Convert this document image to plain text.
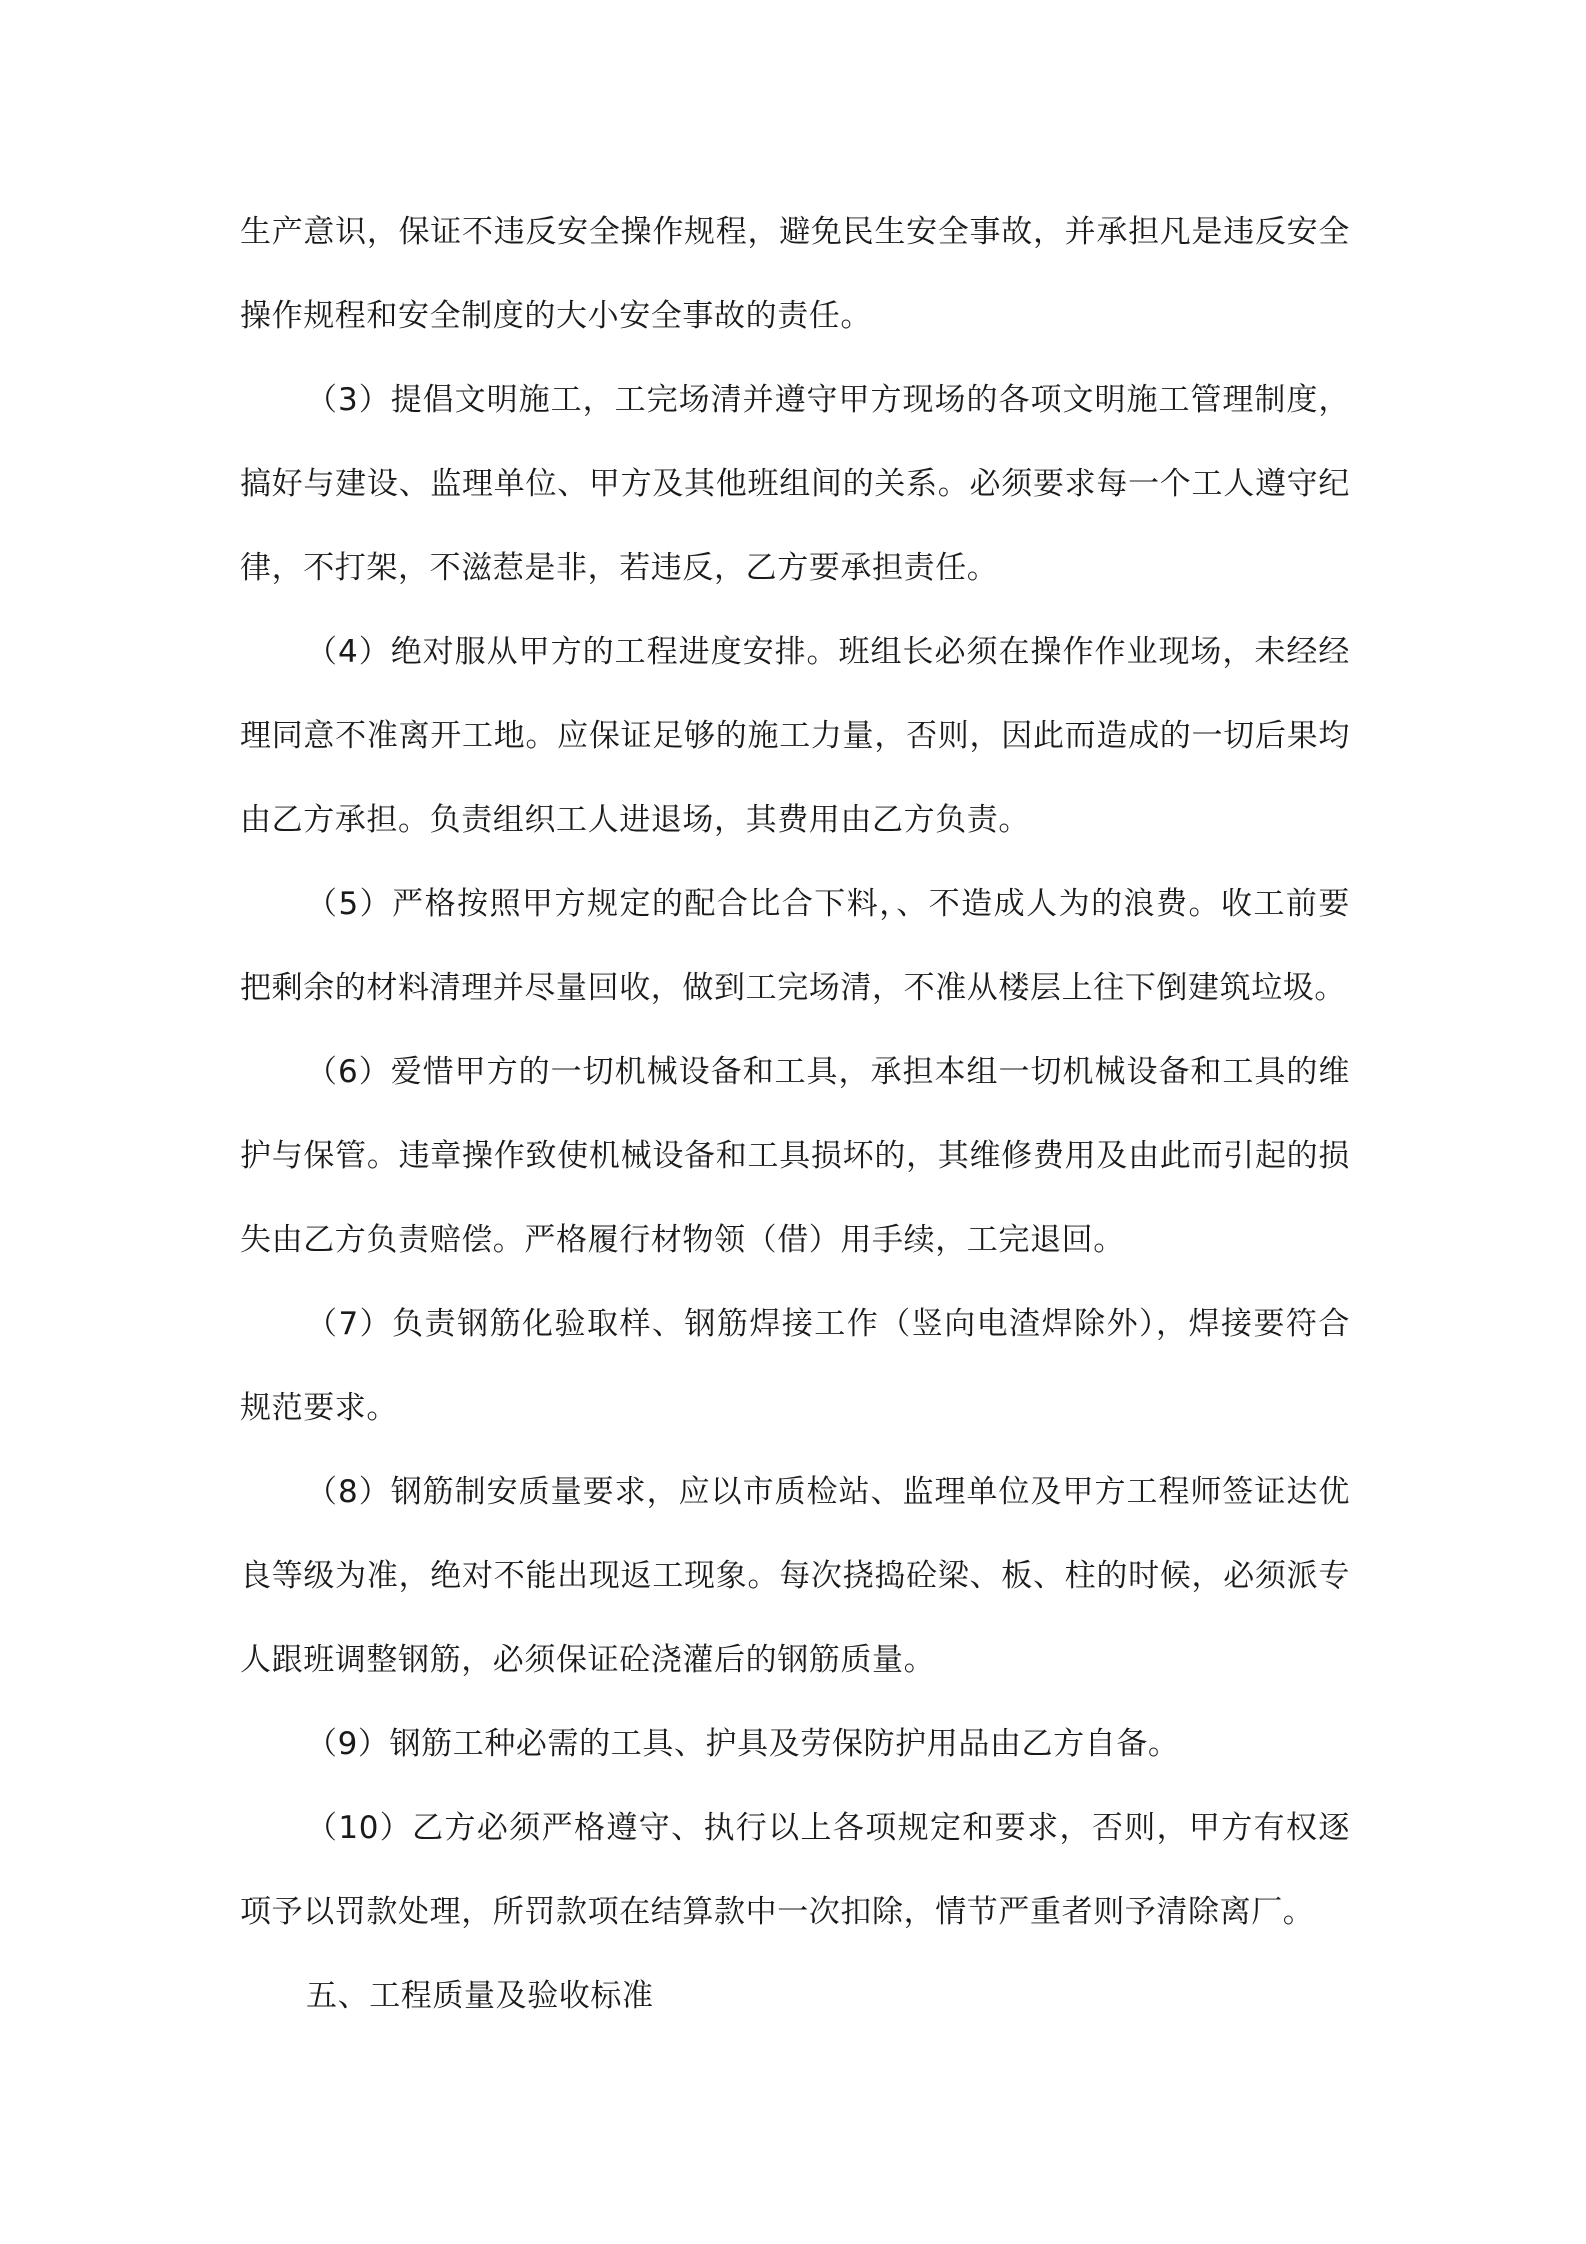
生产意识，保证不违反安全操作规程，避免民生安全事故，并承担凡是违反安全操作规程和安全制度的大小安全事故的责任。

（3）提倡文明施工，工完场清并遵守甲方现场的各项文明施工管理制度，搞好与建设、监理单位、甲方及其他班组间的关系。必须要求每一个工人遵守纪律，不打架，不滋惹是非，若违反，乙方要承担责任。

（4）绝对服从甲方的工程进度安排。班组长必须在操作作业现场，未经经理同意不准离开工地。应保证足够的施工力量，否则，因此而造成的一切后果均由乙方承担。负责组织工人进退场，其费用由乙方负责。

（5）严格按照甲方规定的配合比合下料，、不造成人为的浪费。收工前要把剩余的材料清理并尽量回收，做到工完场清，不准从楼层上往下倒建筑垃圾。

（6）爱惜甲方的一切机械设备和工具，承担本组一切机械设备和工具的维护与保管。违章操作致使机械设备和工具损坏的，其维修费用及由此而引起的损失由乙方负责赔偿。严格履行材物领（借）用手续，工完退回。

（7）负责钢筋化验取样、钢筋焊接工作（竖向电渣焊除外），焊接要符合规范要求。

（8）钢筋制安质量要求，应以市质检站、监理单位及甲方工程师签证达优良等级为准，绝对不能出现返工现象。每次挠捣砼梁、板、柱的时候，必须派专人跟班调整钢筋，必须保证砼浇灌后的钢筋质量。

（9）钢筋工种必需的工具、护具及劳保防护用品由乙方自备。

（10）乙方必须严格遵守、执行以上各项规定和要求，否则，甲方有权逐项予以罚款处理，所罚款项在结算款中一次扣除，情节严重者则予清除离厂。

五、工程质量及验收标准
